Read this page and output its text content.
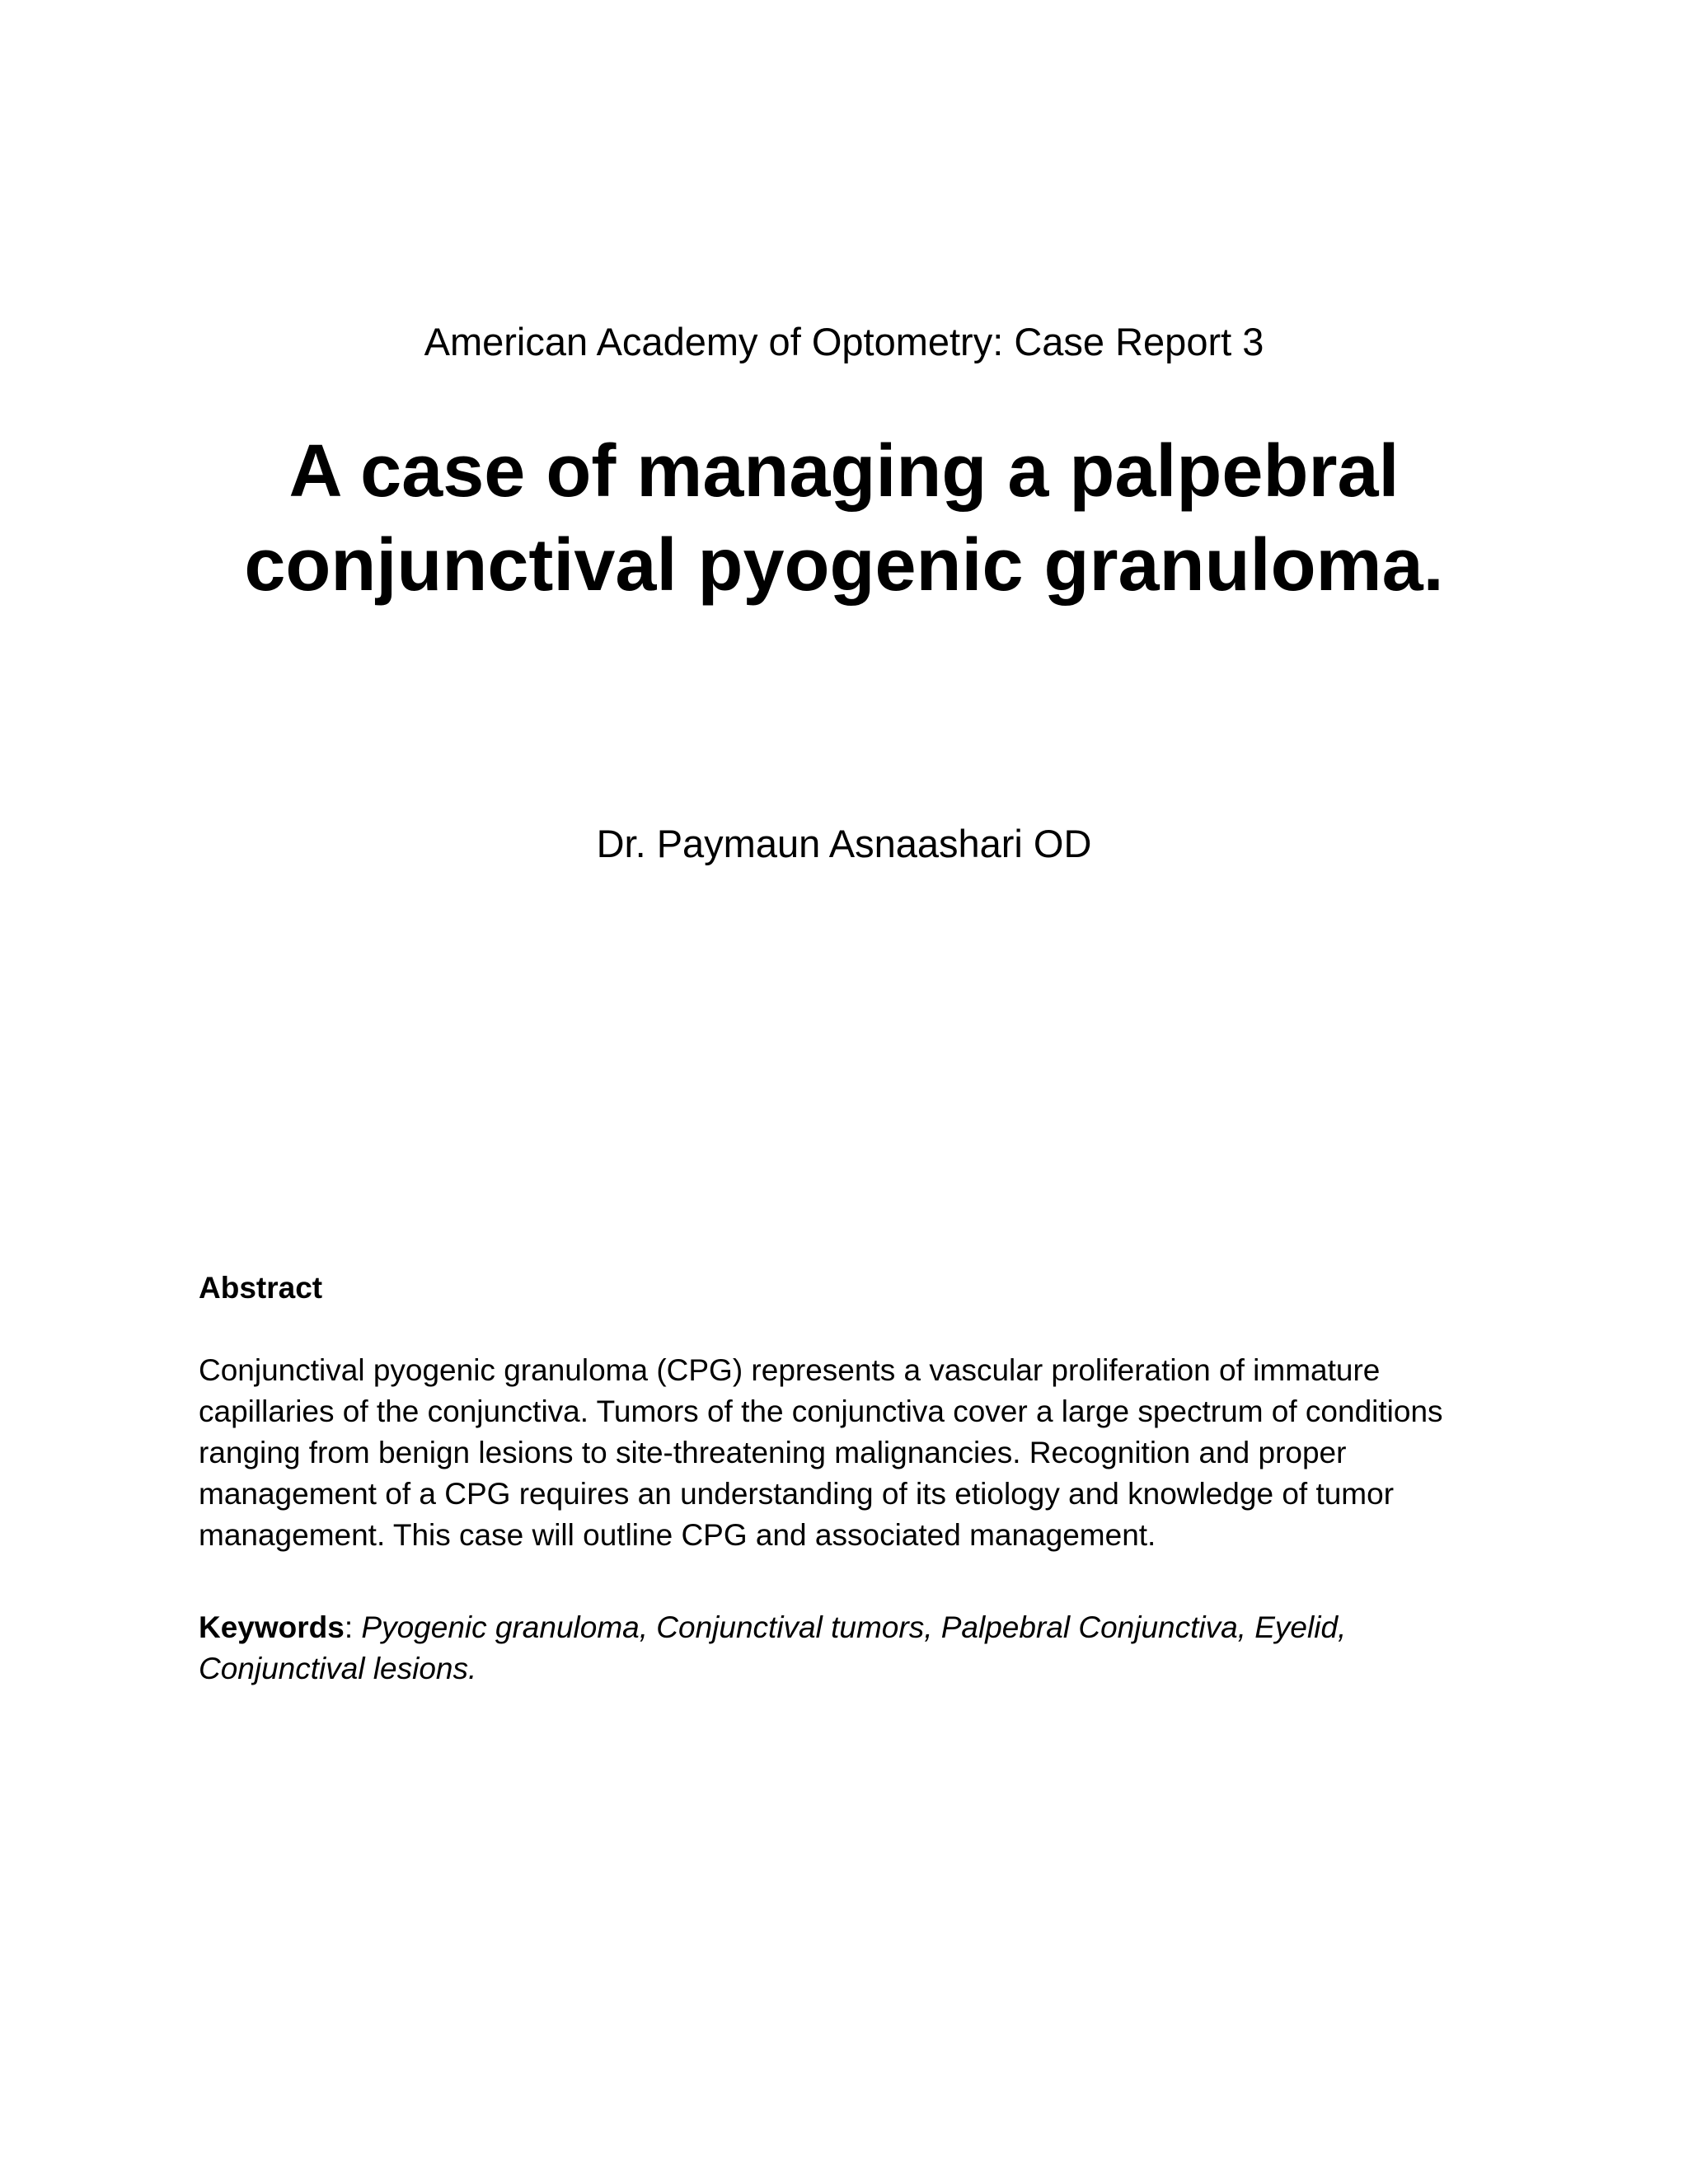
American Academy of Optometry: Case Report 3

A case of managing a palpebral
conjunctival pyogenic granuloma.

Dr. Paymaun Asnaashari OD

Abstract

Conjunctival pyogenic granuloma (CPG) represents a vascular proliferation of immature
capillaries of the conjunctiva. Tumors of the conjunctiva cover a large spectrum of conditions
ranging from benign lesions to site-threatening malignancies. Recognition and proper
management of a CPG requires an understanding of its etiology and knowledge of tumor
management. This case will outline CPG and associated management.

Keywords: Pyogenic granuloma, Conjunctival tumors, Palpebral Conjunctiva, Eyelid,
Conjunctival lesions.
